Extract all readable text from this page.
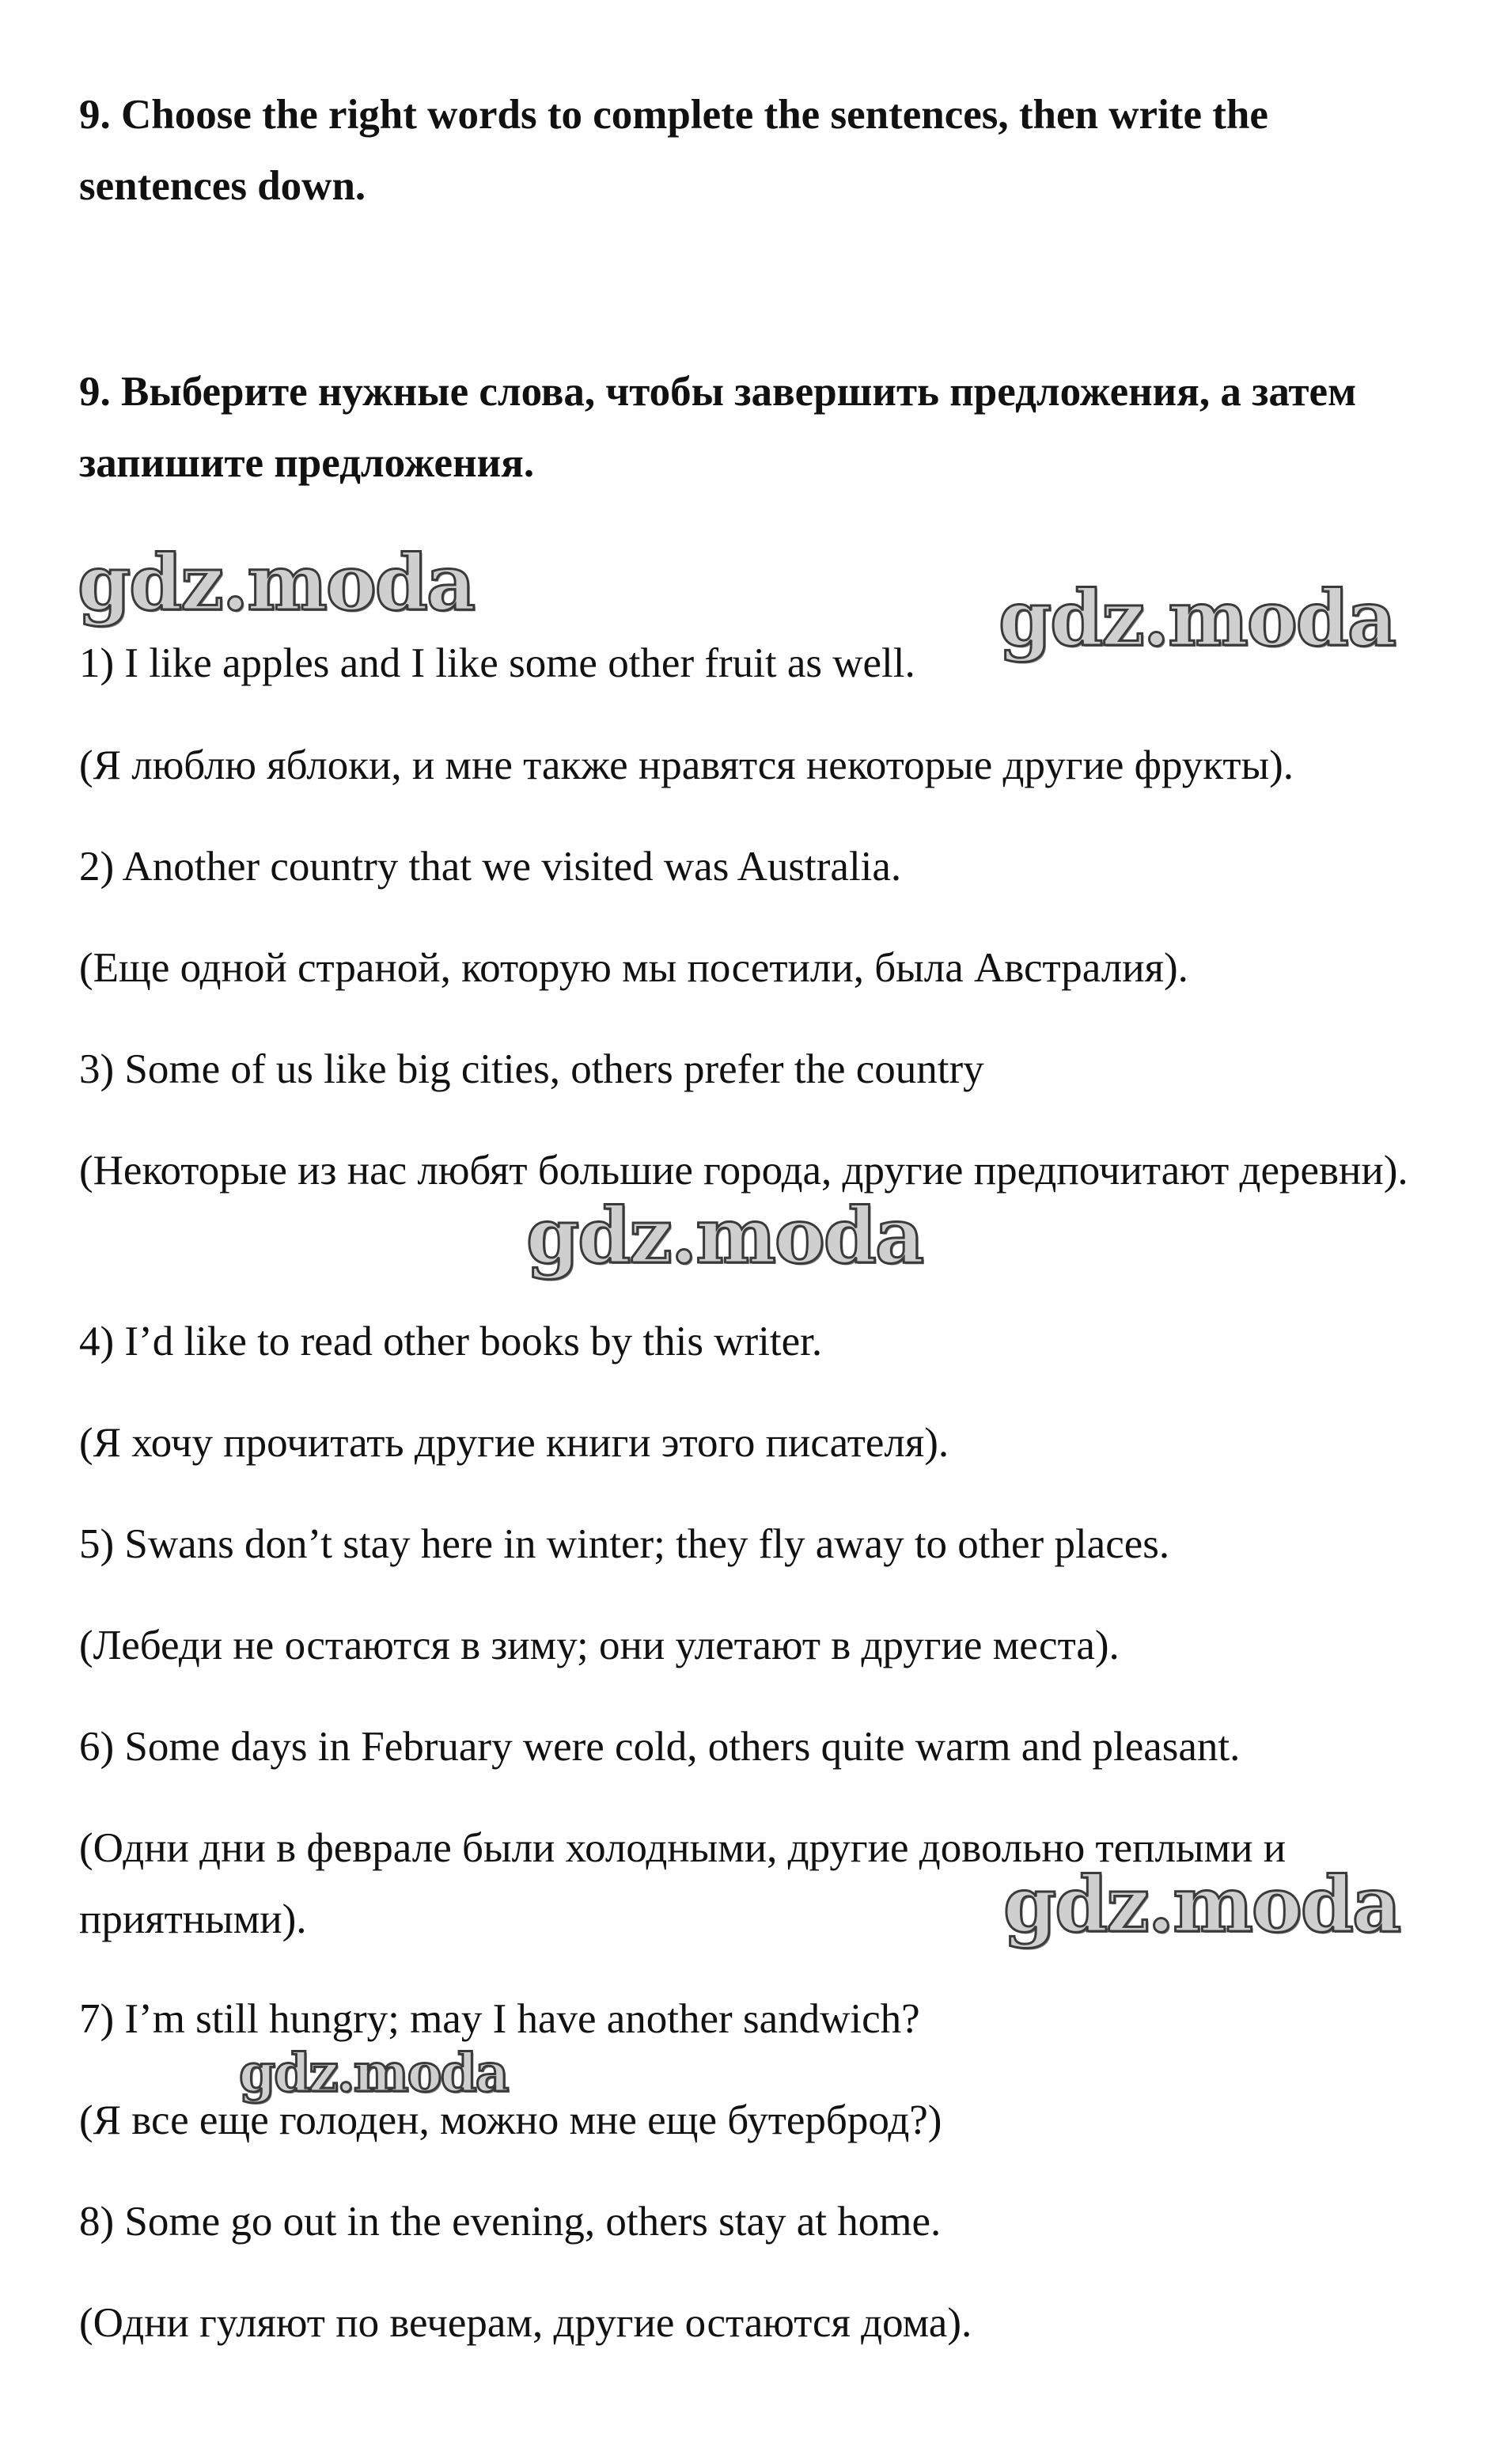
9. Choose the right words to complete the sentences, then write the sentences down.

9. Выберите нужные слова, чтобы завершить предложения, а затем запишите предложения.

1) I like apples and I like some other fruit as well.

(Я люблю яблоки, и мне также нравятся некоторые другие фрукты).

2) Another country that we visited was Australia.

(Еще одной страной, которую мы посетили, была Австралия).

3) Some of us like big cities, others prefer the country

(Некоторые из нас любят большие города, другие предпочитают деревни).

4) I’d like to read other books by this writer.

(Я хочу прочитать другие книги этого писателя).

5) Swans don’t stay here in winter; they fly away to other places.

(Лебеди не остаются в зиму; они улетают в другие места).

6) Some days in February were cold, others quite warm and pleasant.

(Одни дни в феврале были холодными, другие довольно теплыми и приятными).

7) I’m still hungry; may I have another sandwich?

(Я все еще голоден, можно мне еще бутерброд?)

8) Some go out in the evening, others stay at home.

(Одни гуляют по вечерам, другие остаются дома).

gdz.moda	gdz.moda
gdz.moda
gdz.moda
gdz.moda
